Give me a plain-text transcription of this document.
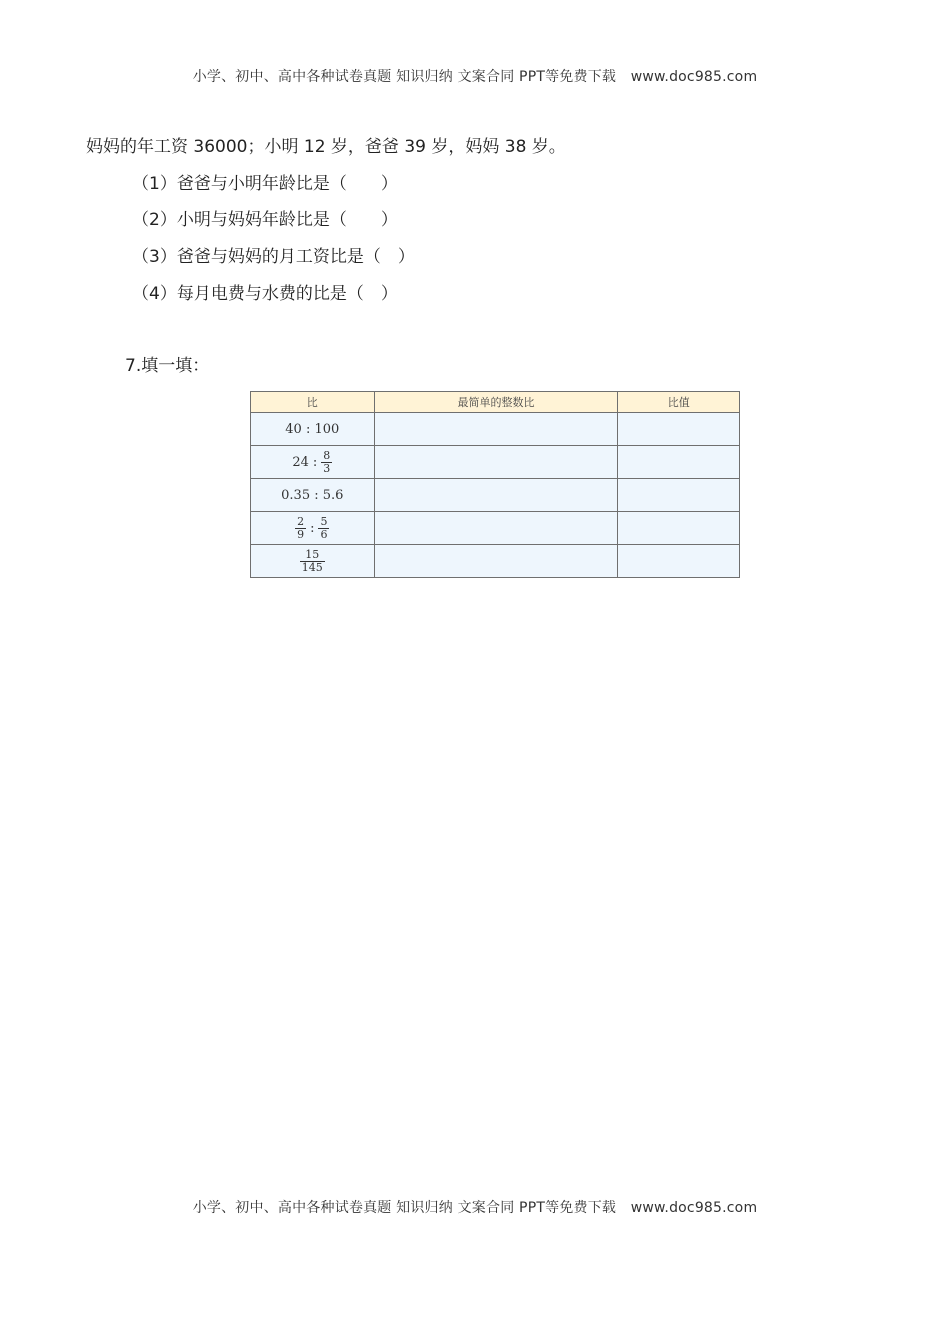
小学、初中、高中各种试卷真题 知识归纳 文案合同 PPT等免费下载 www.doc985.com
妈妈的年工资 36000；小明 12 岁，爸爸 39 岁，妈妈 38 岁。
（1）爸爸与小明年龄比是（　　）
（2）小明与妈妈年龄比是（　　）
（3）爸爸与妈妈的月工资比是（　）
（4）每月电费与水费的比是（　）
7.填一填：
比	最简单的整数比	比值
40 : 100		
24 : $\frac{8}{3}$

0.35 : 5.6		

$\frac{2}{9}$ : $\frac{5}{6}$

$\frac{15}{145}$

小学、初中、高中各种试卷真题 知识归纳 文案合同 PPT等免费下载 www.doc985.com
